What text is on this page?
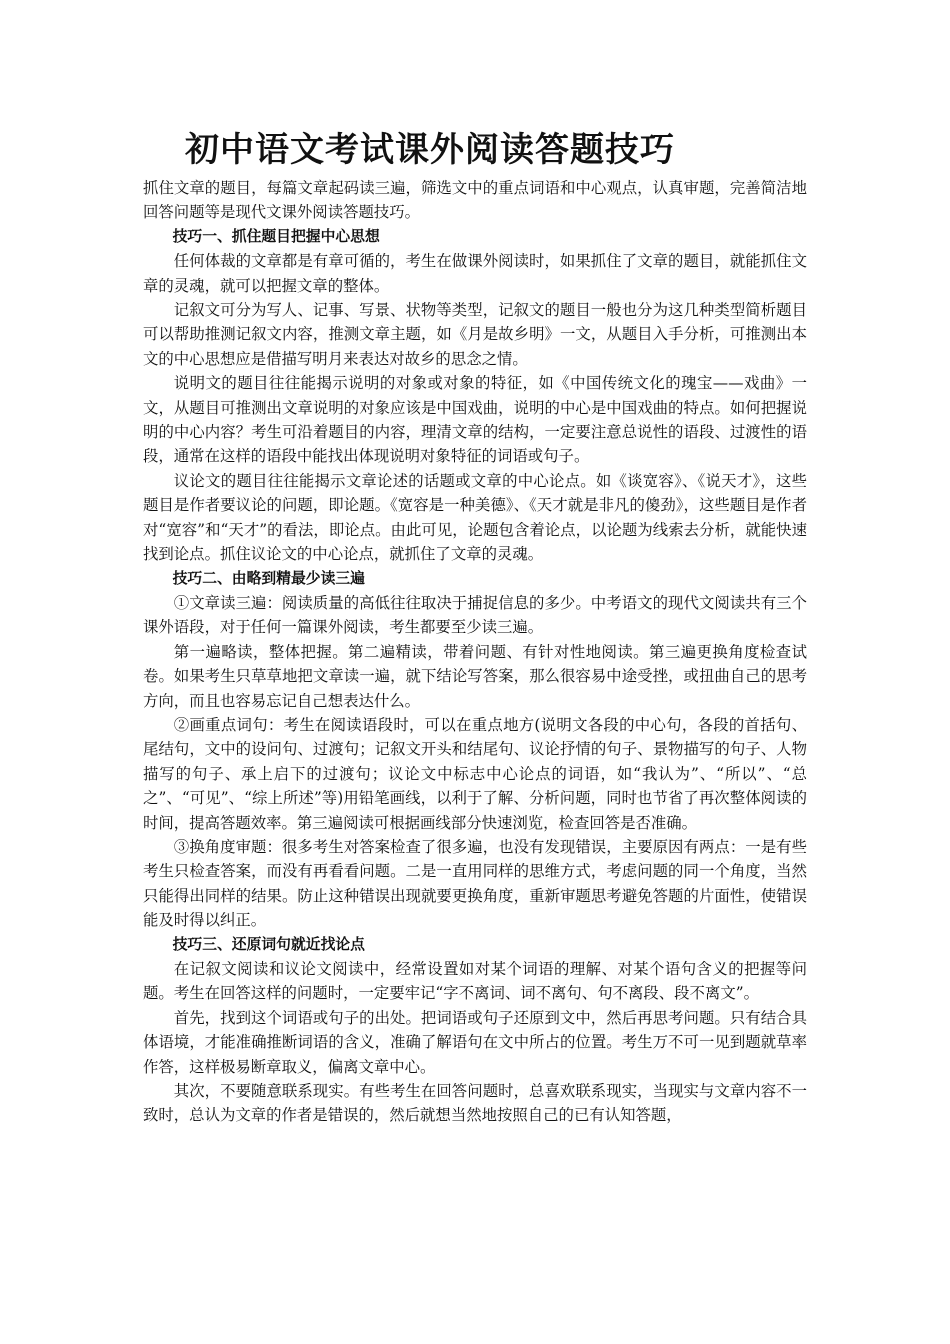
初中语文考试课外阅读答题技巧

抓住文章的题目，每篇文章起码读三遍，筛选文中的重点词语和中心观点，认真审题，完善简洁地回答问题等是现代文课外阅读答题技巧。

技巧一、抓住题目把握中心思想

任何体裁的文章都是有章可循的，考生在做课外阅读时，如果抓住了文章的题目，就能抓住文章的灵魂，就可以把握文章的整体。

记叙文可分为写人、记事、写景、状物等类型，记叙文的题目一般也分为这几种类型简析题目可以帮助推测记叙文内容，推测文章主题，如《月是故乡明》一文，从题目入手分析，可推测出本文的中心思想应是借描写明月来表达对故乡的思念之情。

说明文的题目往往能揭示说明的对象或对象的特征，如《中国传统文化的瑰宝——戏曲》一文，从题目可推测出文章说明的对象应该是中国戏曲，说明的中心是中国戏曲的特点。如何把握说明的中心内容？考生可沿着题目的内容，理清文章的结构，一定要注意总说性的语段、过渡性的语段，通常在这样的语段中能找出体现说明对象特征的词语或句子。

议论文的题目往往能揭示文章论述的话题或文章的中心论点。如《谈宽容》、《说天才》，这些题目是作者要议论的问题，即论题。《宽容是一种美德》、《天才就是非凡的傻劲》，这些题目是作者对“宽容”和“天才”的看法，即论点。由此可见，论题包含着论点，以论题为线索去分析，就能快速找到论点。抓住议论文的中心论点，就抓住了文章的灵魂。

技巧二、由略到精最少读三遍

①文章读三遍：阅读质量的高低往往取决于捕捉信息的多少。中考语文的现代文阅读共有三个课外语段，对于任何一篇课外阅读，考生都要至少读三遍。

第一遍略读，整体把握。第二遍精读，带着问题、有针对性地阅读。第三遍更换角度检查试卷。如果考生只草草地把文章读一遍，就下结论写答案，那么很容易中途受挫，或扭曲自己的思考方向，而且也容易忘记自己想表达什么。

②画重点词句：考生在阅读语段时，可以在重点地方(说明文各段的中心句，各段的首括句、尾结句，文中的设问句、过渡句；记叙文开头和结尾句、议论抒情的句子、景物描写的句子、人物描写的句子、承上启下的过渡句；议论文中标志中心论点的词语，如“我认为”、“所以”、“总之”、“可见”、“综上所述”等)用铅笔画线，以利于了解、分析问题，同时也节省了再次整体阅读的时间，提高答题效率。第三遍阅读可根据画线部分快速浏览，检查回答是否准确。

③换角度审题：很多考生对答案检查了很多遍，也没有发现错误，主要原因有两点：一是有些考生只检查答案，而没有再看看问题。二是一直用同样的思维方式，考虑问题的同一个角度，当然只能得出同样的结果。防止这种错误出现就要更换角度，重新审题思考避免答题的片面性，使错误能及时得以纠正。

技巧三、还原词句就近找论点

在记叙文阅读和议论文阅读中，经常设置如对某个词语的理解、对某个语句含义的把握等问题。考生在回答这样的问题时，一定要牢记“字不离词、词不离句、句不离段、段不离文”。

首先，找到这个词语或句子的出处。把词语或句子还原到文中，然后再思考问题。只有结合具体语境，才能准确推断词语的含义，准确了解语句在文中所占的位置。考生万不可一见到题就草率作答，这样极易断章取义，偏离文章中心。

其次，不要随意联系现实。有些考生在回答问题时，总喜欢联系现实，当现实与文章内容不一致时，总认为文章的作者是错误的，然后就想当然地按照自己的已有认知答题，
